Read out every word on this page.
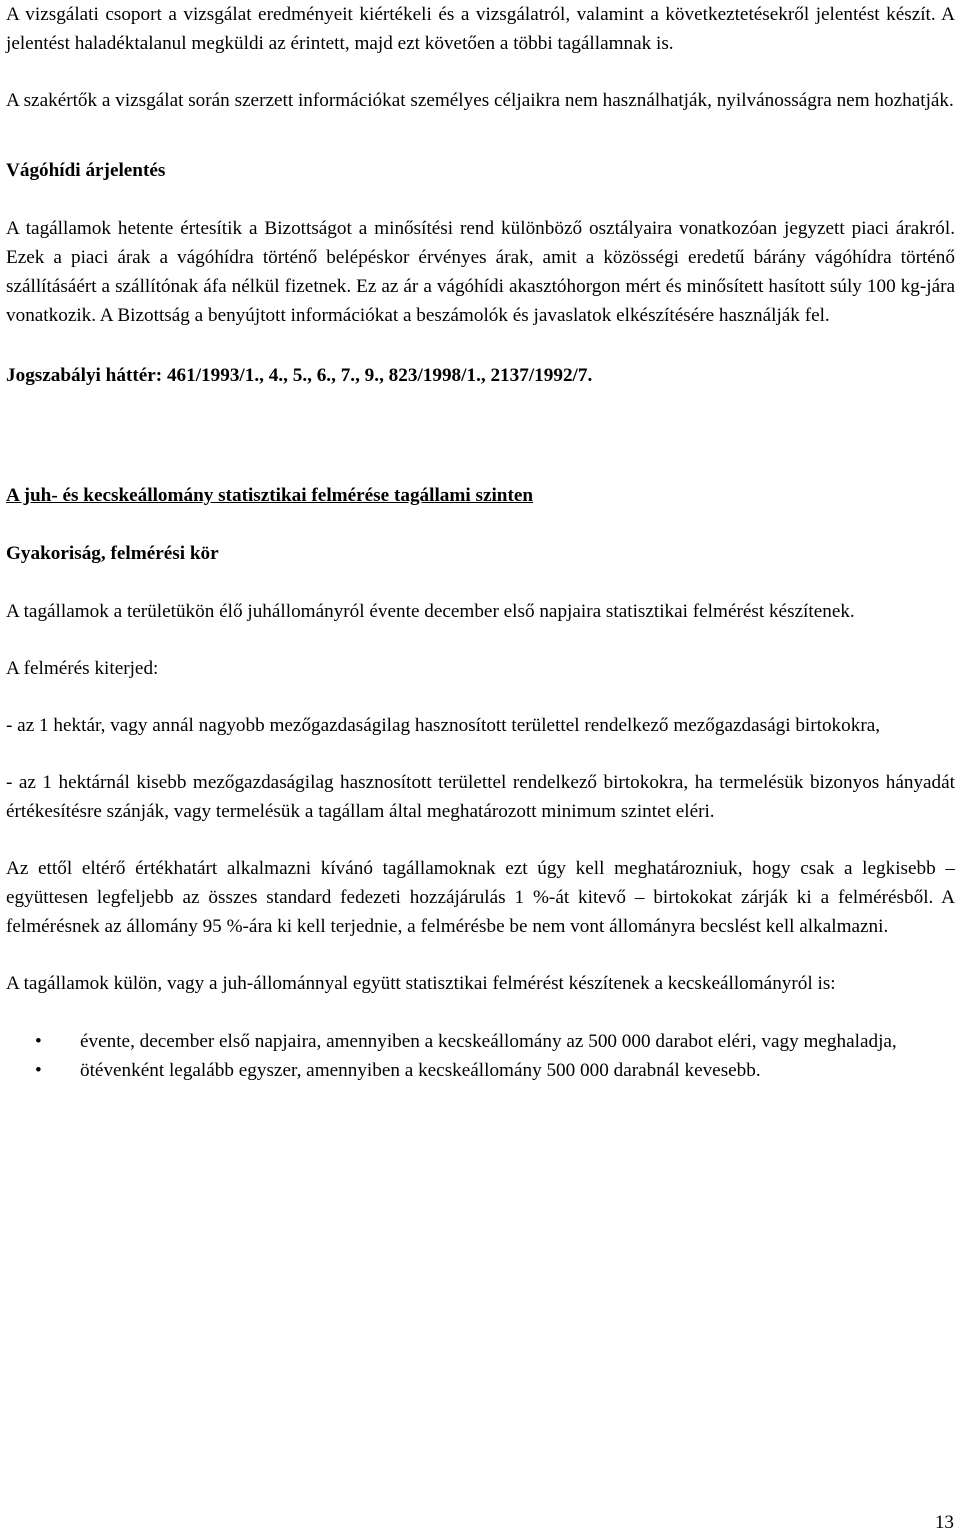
A vizsgálati csoport a vizsgálat eredményeit kiértékeli és a vizsgálatról, valamint a következtetésekről jelentést készít. A jelentést haladéktalanul megküldi az érintett, majd ezt követően a többi tagállamnak is.

A szakértők a vizsgálat során szerzett információkat személyes céljaikra nem használhatják, nyilvánosságra nem hozhatják.

Vágóhídi árjelentés

A tagállamok hetente értesítik a Bizottságot a minősítési rend különböző osztályaira vonatkozóan jegyzett piaci árakról. Ezek a piaci árak a vágóhídra történő belépéskor érvényes árak, amit a közösségi eredetű bárány vágóhídra történő szállításáért a szállítónak áfa nélkül fizetnek. Ez az ár a vágóhídi akasztóhorgon mért és minősített hasított súly 100 kg-jára vonatkozik. A Bizottság a benyújtott információkat a beszámolók és javaslatok elkészítésére használják fel.

Jogszabályi háttér: 461/1993/1., 4., 5., 6., 7., 9., 823/1998/1., 2137/1992/7.

A juh- és kecskeállomány statisztikai felmérése tagállami szinten

Gyakoriság, felmérési kör

A tagállamok a területükön élő juhállományról évente december első napjaira statisztikai felmérést készítenek.

A felmérés kiterjed:

- az 1 hektár, vagy annál nagyobb mezőgazdaságilag hasznosított területtel rendelkező mezőgazdasági birtokokra,

- az 1 hektárnál kisebb mezőgazdaságilag hasznosított területtel rendelkező birtokokra, ha termelésük bizonyos hányadát értékesítésre szánják, vagy termelésük a tagállam által meghatározott minimum szintet eléri.

Az ettől eltérő értékhatárt alkalmazni kívánó tagállamoknak ezt úgy kell meghatározniuk, hogy csak a legkisebb – együttesen legfeljebb az összes standard fedezeti hozzájárulás 1 %-át kitevő – birtokokat zárják ki a felmérésből. A felmérésnek az állomány 95 %-ára ki kell terjednie, a felmérésbe be nem vont állományra becslést kell alkalmazni.

A tagállamok külön, vagy a juh-állománnyal együtt statisztikai felmérést készítenek a kecskeállományról is:

• évente, december első napjaira, amennyiben a kecskeállomány az 500 000 darabot eléri, vagy meghaladja,
• ötévenként legalább egyszer, amennyiben a kecskeállomány 500 000 darabnál kevesebb.
13
